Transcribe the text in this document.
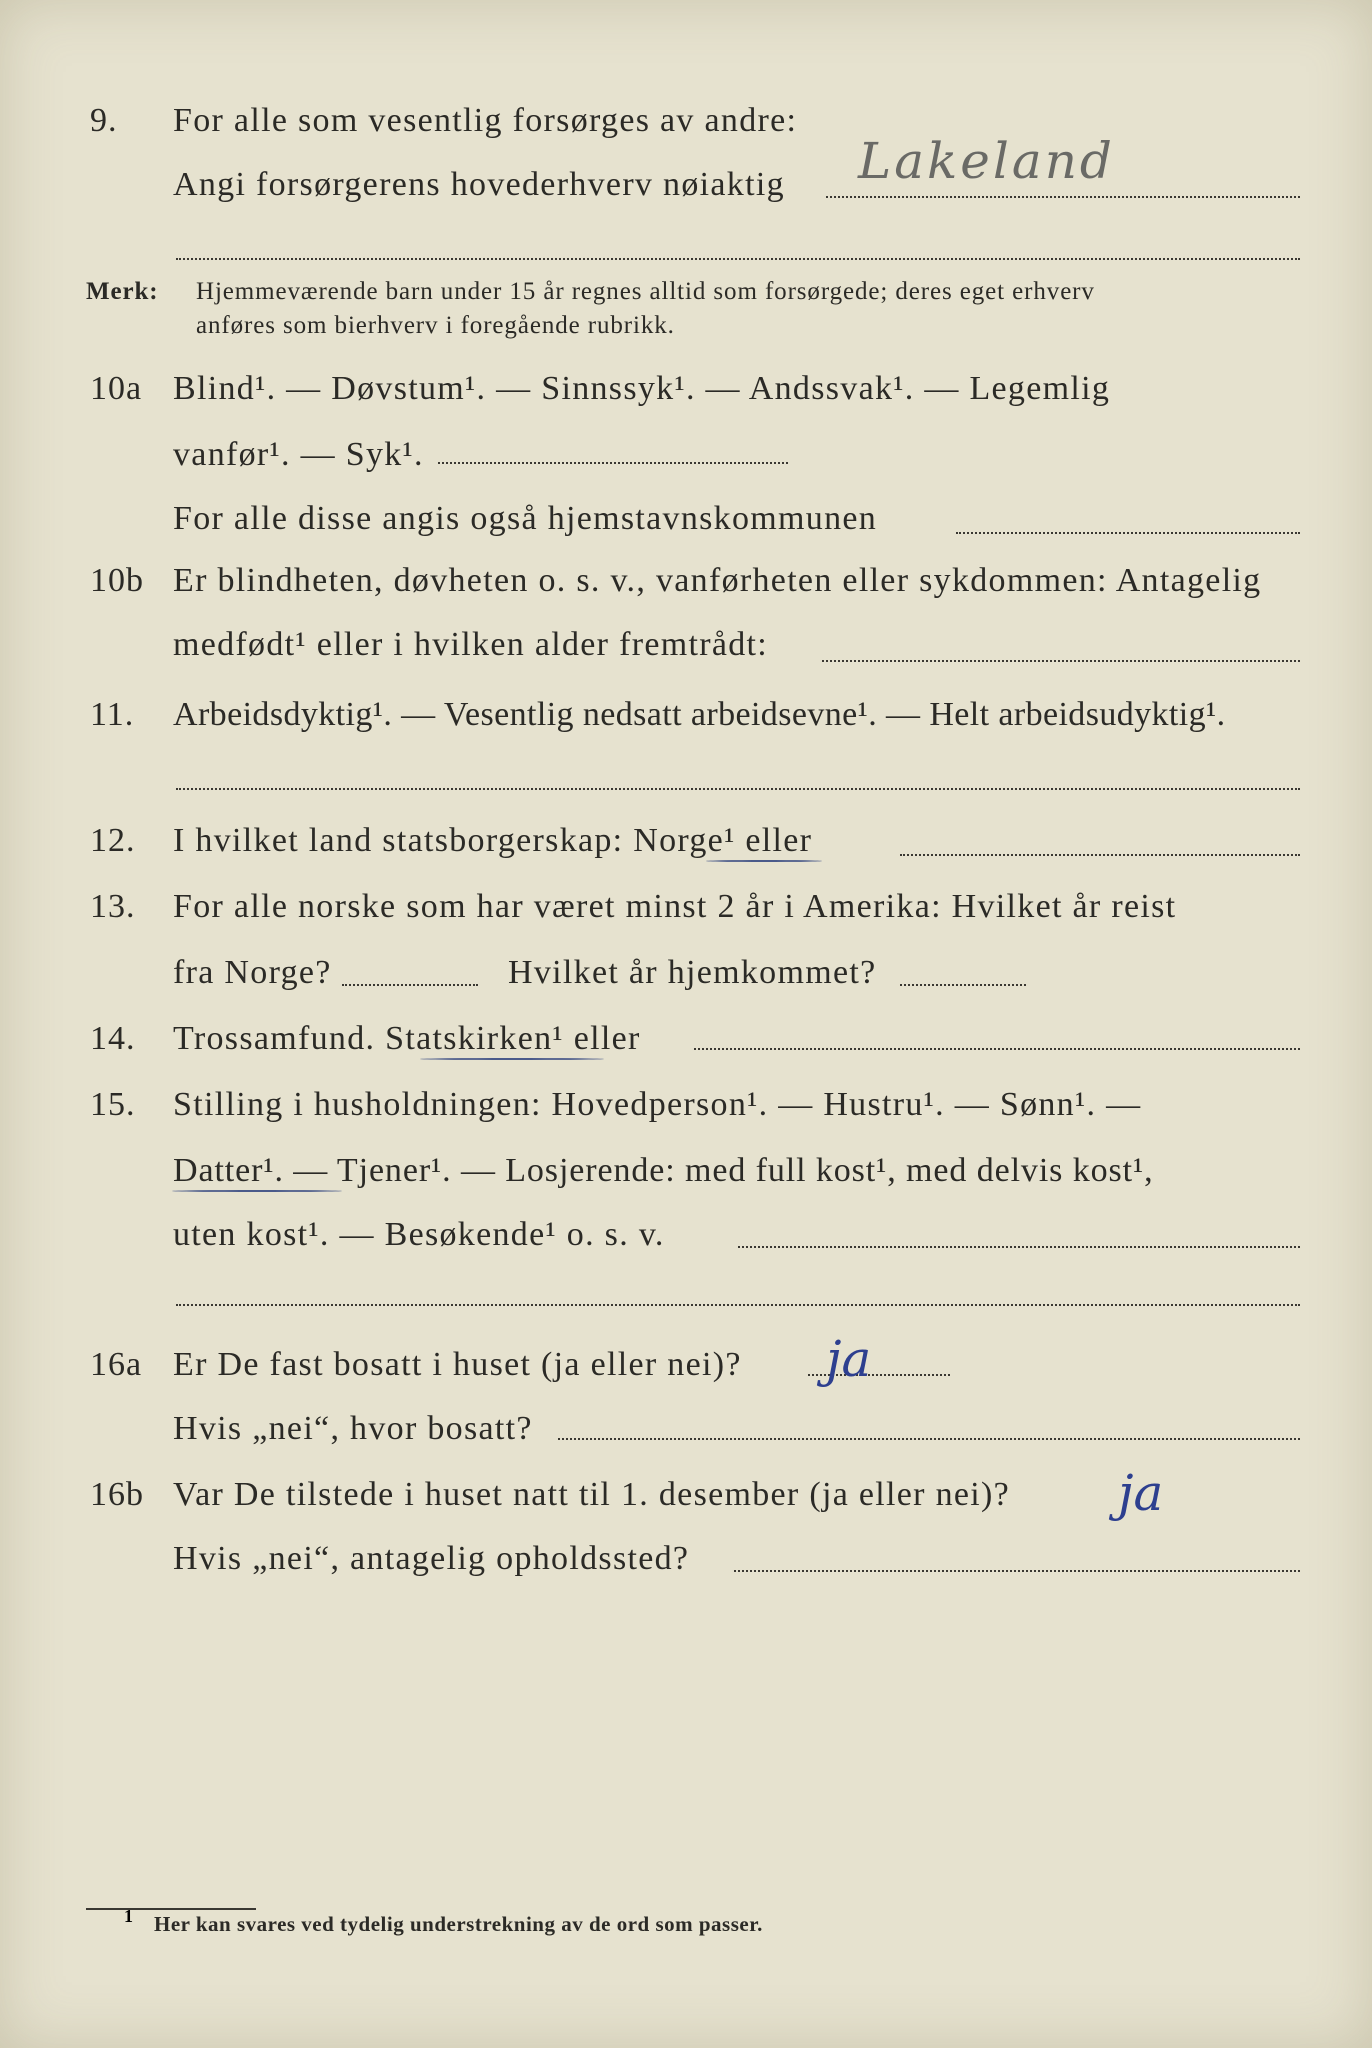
9. For alle som vesentlig forsørges av andre:
Angi forsørgerens hovederhverv nøiaktig Lakeland
Merk: Hjemmeværende barn under 15 år regnes alltid som forsørgede; deres eget erhverv
anføres som bierhverv i foregående rubrikk.
10a Blind¹. — Døvstum¹. — Sinnssyk¹. — Andssvak¹. — Legemlig
vanfør¹. — Syk¹.
For alle disse angis også hjemstavnskommunen
10b Er blindheten, døvheten o. s. v., vanførheten eller sykdommen: Antagelig
medfødt¹ eller i hvilken alder fremtrådt:
11. Arbeidsdyktig¹. — Vesentlig nedsatt arbeidsevne¹. — Helt arbeidsudyktig¹.
12. I hvilket land statsborgerskap: Norge¹ eller
13. For alle norske som har været minst 2 år i Amerika: Hvilket år reist
fra Norge?	Hvilket år hjemkommet?
14. Trossamfund. Statskirken¹ eller
15. Stilling i husholdningen: Hovedperson¹. — Hustru¹. — Sønn¹. —
Datter¹. — Tjener¹. — Losjerende: med full kost¹, med delvis kost¹,
uten kost¹. — Besøkende¹ o. s. v.
16a Er De fast bosatt i huset (ja eller nei)? ja
Hvis „nei“, hvor bosatt?
16b Var De tilstede i huset natt til 1. desember (ja eller nei)? ja
Hvis „nei“, antagelig opholdssted?
1 Her kan svares ved tydelig understrekning av de ord som passer.
